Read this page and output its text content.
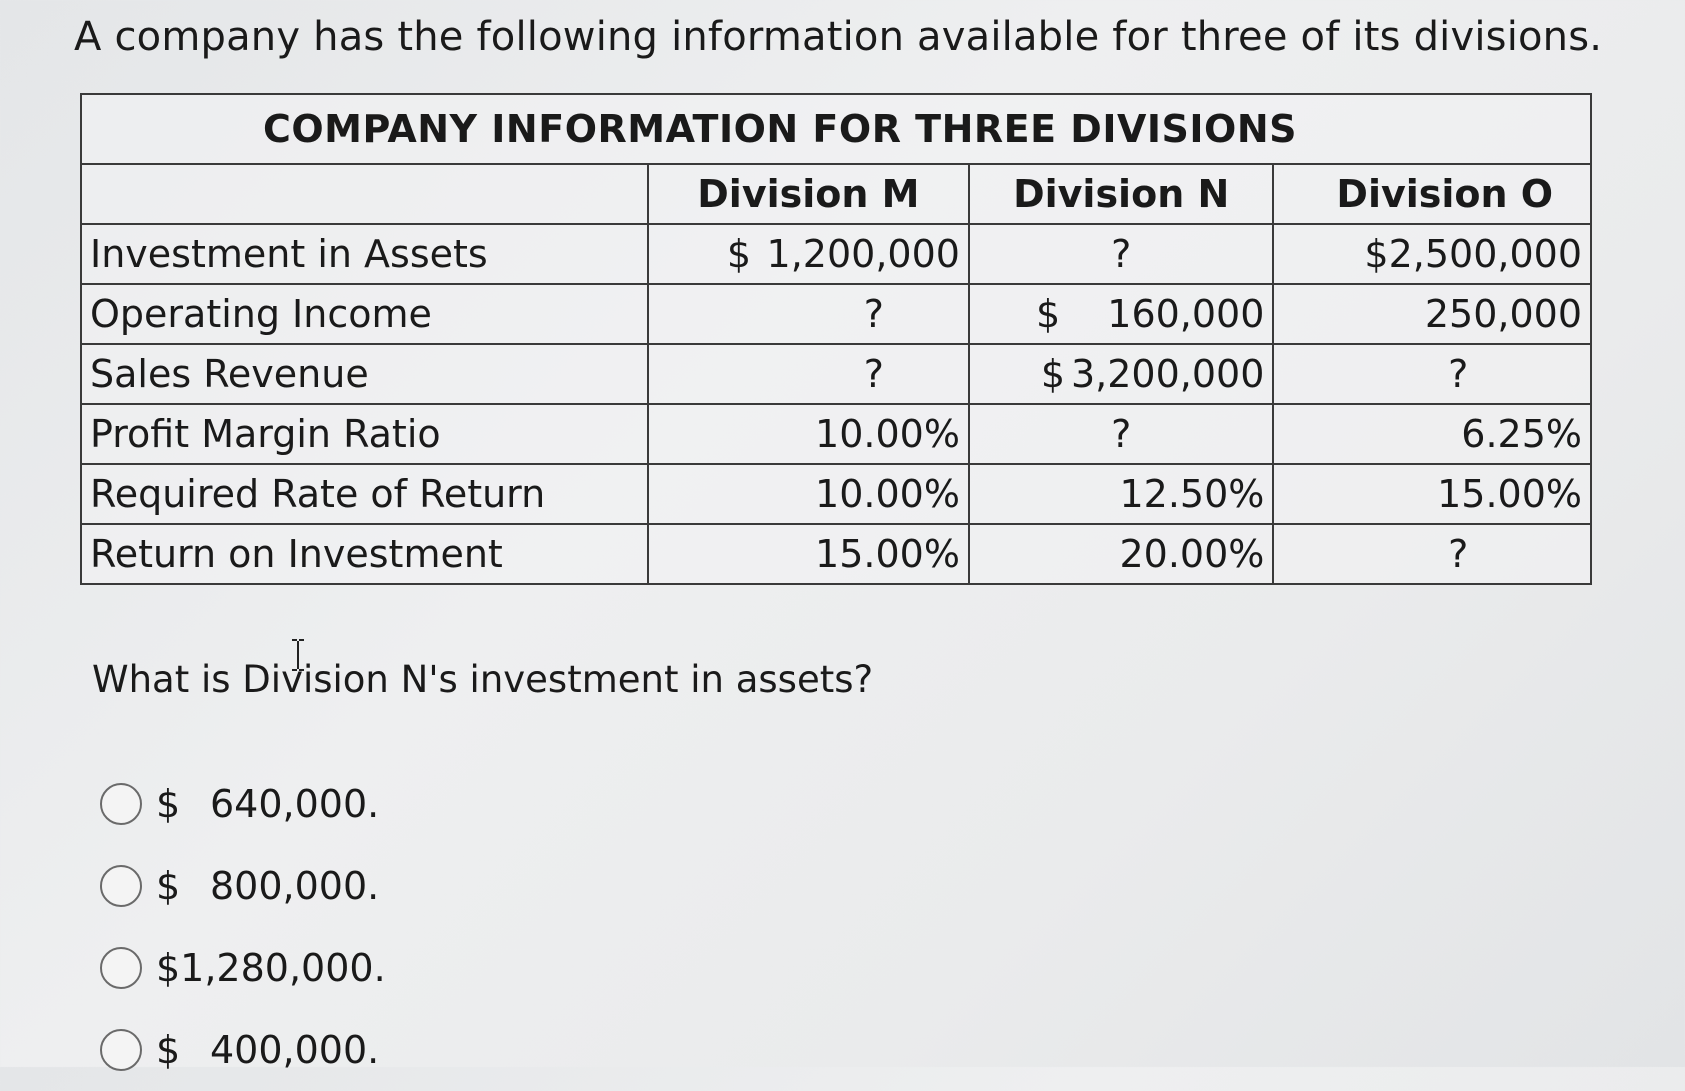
A company has the following information available for three of its divisions.
COMPANY INFORMATION FOR THREE DIVISIONS			
	Division M	Division N	Division O
Investment in Assets	$ 1,200,000	?	$ 2,500,000

Operating Income	?	$ 160,000	250,000
Sales Revenue	?	$ 3,200,000	?
Profit Margin Ratio	10.00%	?	6.25%
Required Rate of Return	10.00%	12.50%	15.00%
Return on Investment	15.00%	20.00%	?
What is Division N's investment in assets?
$ 640,000.
$ 800,000.
$1,280,000.
$ 400,000.
